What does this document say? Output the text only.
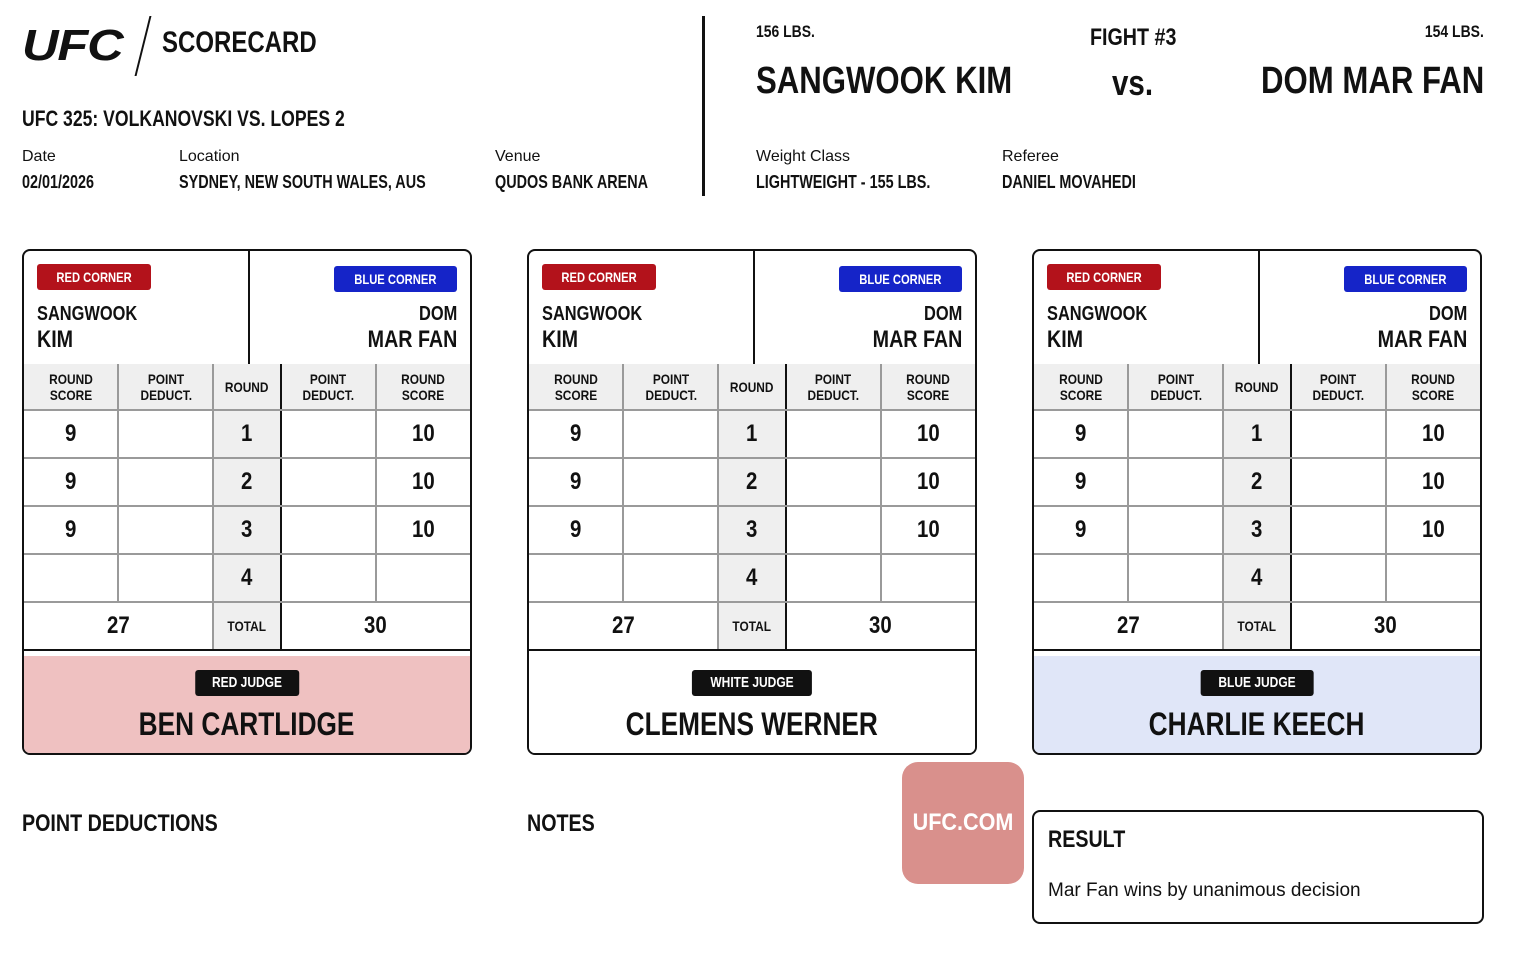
UFC SCORECARD
UFC 325: VOLKANOVSKI VS. LOPES 2
Date
02/01/2026
Location
SYDNEY, NEW SOUTH WALES, AUS
Venue
QUDOS BANK ARENA
156 LBS.	154 LBS.
FIGHT #3
SANGWOOK KIM	vs.	DOM MAR FAN
Weight Class
LIGHTWEIGHT - 155 LBS.
Referee
DANIEL MOVAHEDI
RED CORNER
SANGWOOK
KIM
BLUE CORNER
DOM
MAR FAN
ROUND SCORE	POINT DEDUCT.	ROUND	POINT DEDUCT.	ROUND SCORE
9		1		10
9		2		10
9		3		10
		4		
27		TOTAL	30	
RED JUDGE
BEN CARTLIDGE
RED CORNER
SANGWOOK
KIM
BLUE CORNER
DOM
MAR FAN
ROUND SCORE	POINT DEDUCT.	ROUND	POINT DEDUCT.	ROUND SCORE
9		1		10
9		2		10
9		3		10
		4		
27		TOTAL	30	
WHITE JUDGE
CLEMENS WERNER
RED CORNER
SANGWOOK
KIM
BLUE CORNER
DOM
MAR FAN
ROUND SCORE	POINT DEDUCT.	ROUND	POINT DEDUCT.	ROUND SCORE
9		1		10
9		2		10
9		3		10
		4		
27		TOTAL	30	
BLUE JUDGE
CHARLIE KEECH
POINT DEDUCTIONS	NOTES	UFC.COM
RESULT
Mar Fan wins by unanimous decision
